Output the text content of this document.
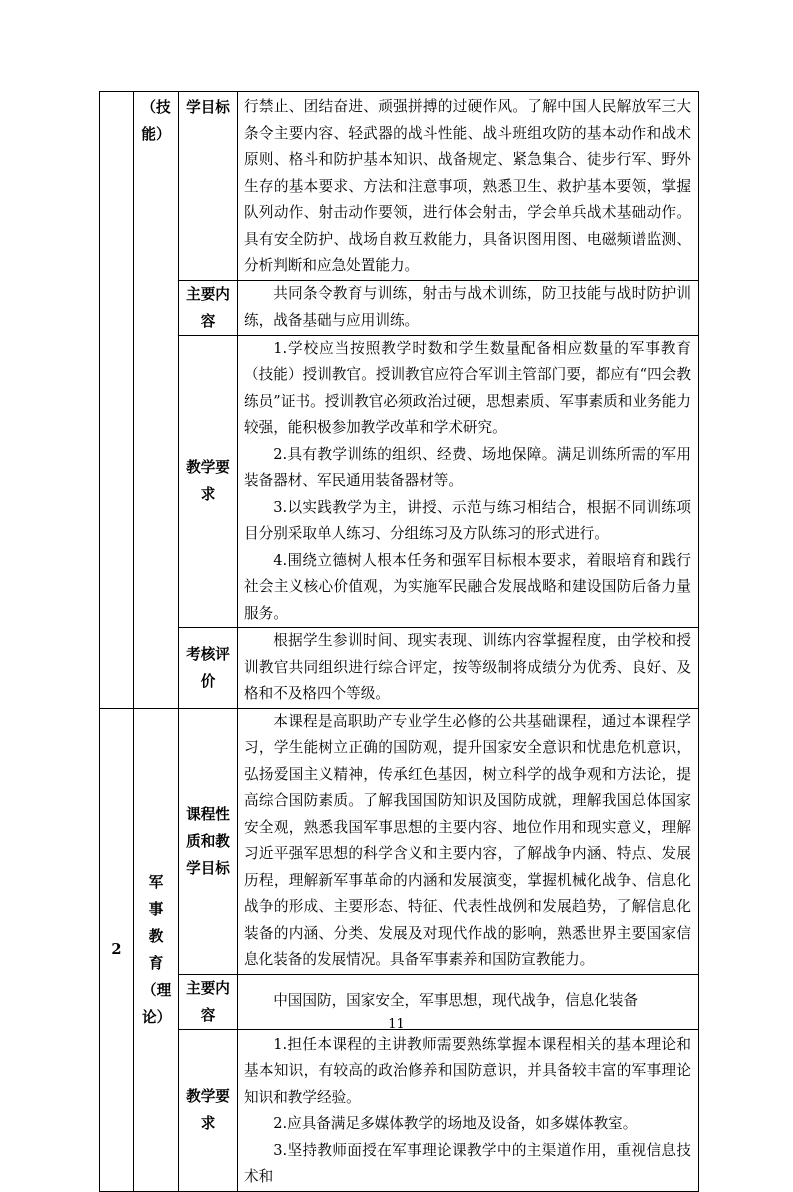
	（技能）	学目标	行禁止、团结奋进、顽强拼搏的过硬作风。了解中国人民解放军三大条令主要内容、轻武器的战斗性能、战斗班组攻防的基本动作和战术原则、格斗和防护基本知识、战备规定、紧急集合、徒步行军、野外生存的基本要求、方法和注意事项，熟悉卫生、救护基本要领，掌握队列动作、射击动作要领，进行体会射击，学会单兵战术基础动作。具有安全防护、战场自救互救能力，具备识图用图、电磁频谱监测、分析判断和应急处置能力。

		主要内容	共同条令教育与训练，射击与战术训练，防卫技能与战时防护训练，战备基础与应用训练。

		教学要求	1.学校应当按照教学时数和学生数量配备相应数量的军事教育（技能）授训教官。授训教官应符合军训主管部门要，都应有“四会教练员”证书。授训教官必须政治过硬，思想素质、军事素质和业务能力较强，能积极参加教学改革和学术研究。

2.具有教学训练的组织、经费、场地保障。满足训练所需的军用装备器材、军民通用装备器材等。

3.以实践教学为主，讲授、示范与练习相结合，根据不同训练项目分别采取单人练习、分组练习及方队练习的形式进行。

4.围绕立德树人根本任务和强军目标根本要求，着眼培育和践行社会主义核心价值观，为实施军民融合发展战略和建设国防后备力量服务。

		考核评价	根据学生参训时间、现实表现、训练内容掌握程度，由学校和授训教官共同组织进行综合评定，按等级制将成绩分为优秀、良好、及格和不及格四个等级。

2	军事教育（理论）	课程性质和教学目标	本课程是高职助产专业学生必修的公共基础课程，通过本课程学习，学生能树立正确的国防观，提升国家安全意识和忧患危机意识，弘扬爱国主义精神，传承红色基因，树立科学的战争观和方法论，提高综合国防素质。了解我国国防知识及国防成就，理解我国总体国家安全观，熟悉我国军事思想的主要内容、地位作用和现实意义，理解习近平强军思想的科学含义和主要内容，了解战争内涵、特点、发展历程，理解新军事革命的内涵和发展演变，掌握机械化战争、信息化战争的形成、主要形态、特征、代表性战例和发展趋势，了解信息化装备的内涵、分类、发展及对现代作战的影响，熟悉世界主要国家信息化装备的发展情况。具备军事素养和国防宣教能力。

		主要内容	中国国防，国家安全，军事思想，现代战争，信息化装备

		教学要求	1.担任本课程的主讲教师需要熟练掌握本课程相关的基本理论和基本知识，有较高的政治修养和国防意识，并具备较丰富的军事理论知识和教学经验。

2.应具备满足多媒体教学的场地及设备，如多媒体教室。

3.坚持教师面授在军事理论课教学中的主渠道作用，重视信息技术和

11
